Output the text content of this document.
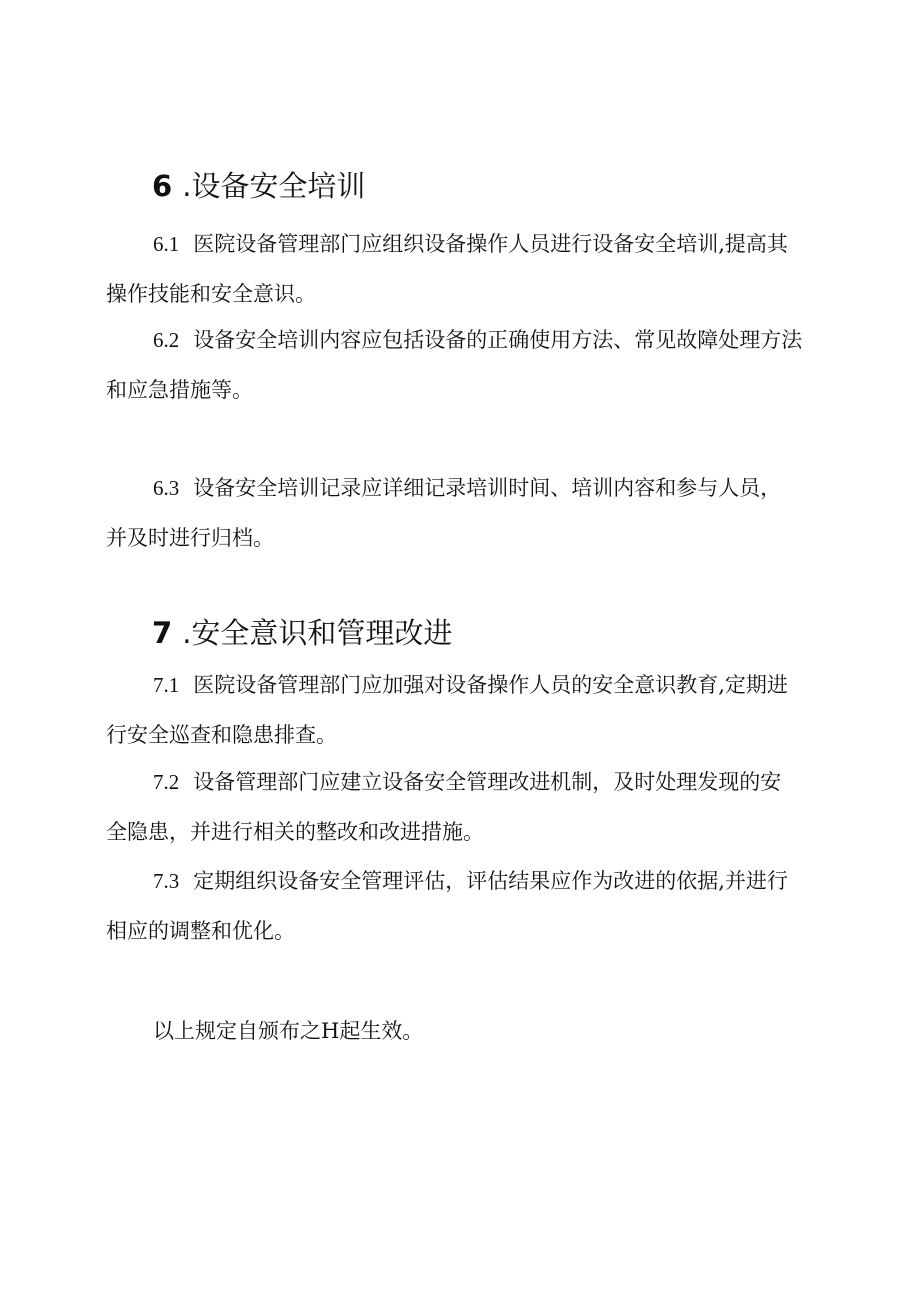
6 .设备安全培训
6.1 医院设备管理部门应组织设备操作人员进行设备安全培训,提高其
操作技能和安全意识。
6.2 设备安全培训内容应包括设备的正确使用方法、常见故障处理方法
和应急措施等。
6.3 设备安全培训记录应详细记录培训时间、培训内容和参与人员，
并及时进行归档。
7 .安全意识和管理改进
7.1 医院设备管理部门应加强对设备操作人员的安全意识教育,定期进
行安全巡查和隐患排查。
7.2 设备管理部门应建立设备安全管理改进机制，及时处理发现的安
全隐患，并进行相关的整改和改进措施。
7.3 定期组织设备安全管理评估，评估结果应作为改进的依据,并进行
相应的调整和优化。
以上规定自颁布之H起生效。
